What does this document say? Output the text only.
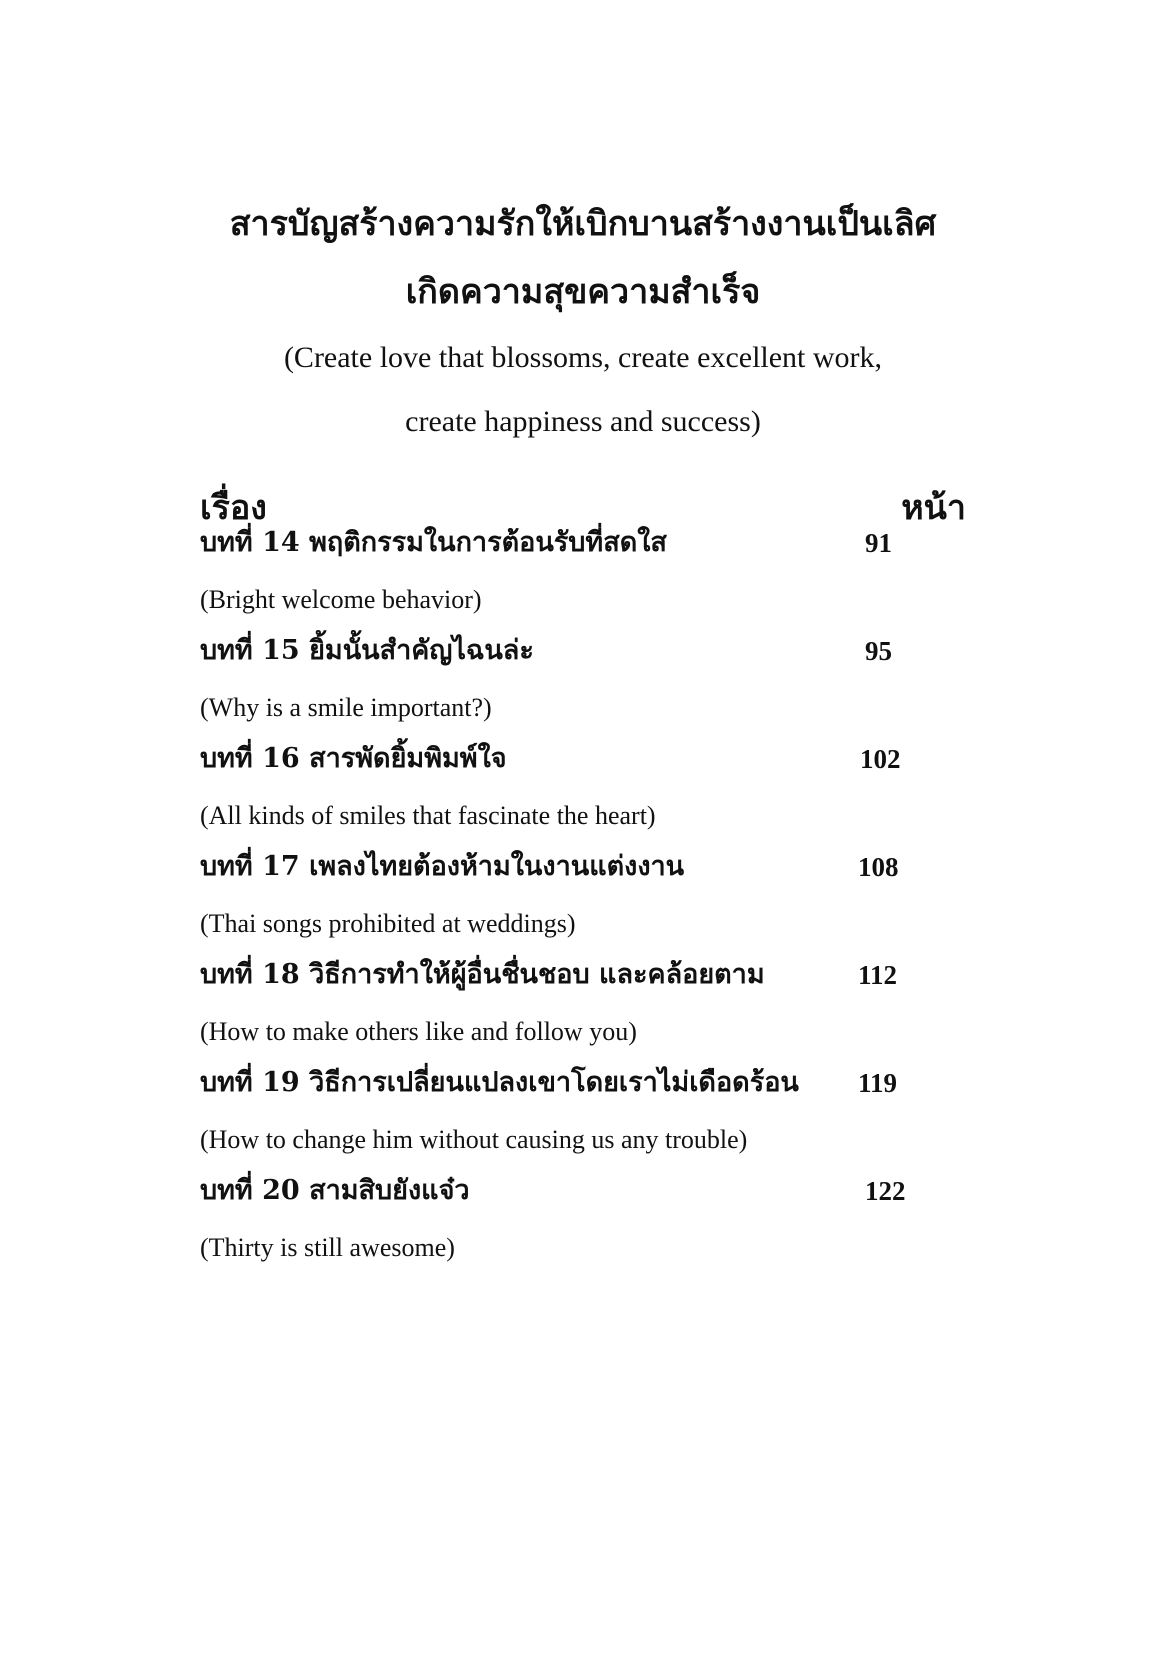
สารบัญสร้างความรักให้เบิกบานสร้างงานเป็นเลิศ
เกิดความสุขความสำเร็จ
(Create love that blossoms, create excellent work,
create happiness and success)
เรื่อง	หน้า
บทที่ 14 พฤติกรรมในการต้อนรับที่สดใส	91
(Bright welcome behavior)
บทที่ 15 ยิ้มนั้นสำคัญไฉนล่ะ	95
(Why is a smile important?)
บทที่ 16 สารพัดยิ้มพิมพ์ใจ	102
(All kinds of smiles that fascinate the heart)
บทที่ 17 เพลงไทยต้องห้ามในงานแต่งงาน	108
(Thai songs prohibited at weddings)
บทที่ 18 วิธีการทำให้ผู้อื่นชื่นชอบ และคล้อยตาม	112
(How to make others like and follow you)
บทที่ 19 วิธีการเปลี่ยนแปลงเขาโดยเราไม่เดือดร้อน 119
(How to change him without causing us any trouble)
บทที่ 20 สามสิบยังแจ๋ว	122
(Thirty is still awesome)
